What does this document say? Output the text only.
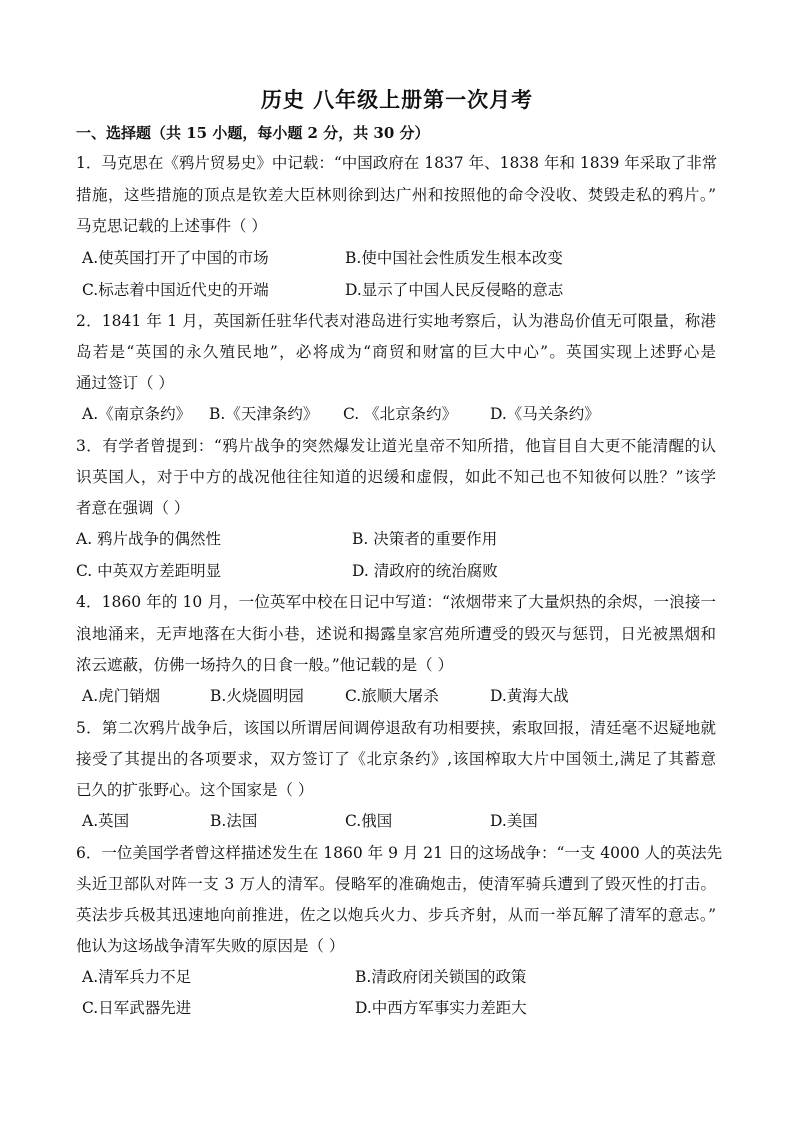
历史 八年级上册第一次月考
一、选择题（共 15 小题，每小题 2 分，共 30 分）
1．马克思在《鸦片贸易史》中记载：“中国政府在 1837 年、1838 年和 1839 年采取了非常
措施，这些措施的顶点是钦差大臣林则徐到达广州和按照他的命令没收、焚毁走私的鸦片。”
马克思记载的上述事件（ ）
A.使英国打开了中国的市场	B.使中国社会性质发生根本改变
C.标志着中国近代史的开端	D.显示了中国人民反侵略的意志
2．1841 年 1 月，英国新任驻华代表对港岛进行实地考察后，认为港岛价值无可限量，称港
岛若是“英国的永久殖民地”，必将成为“商贸和财富的巨大中心”。英国实现上述野心是
通过签订（ ）
A.《南京条约》 B.《天津条约》 C. 《北京条约》 D.《马关条约》
3．有学者曾提到：“鸦片战争的突然爆发让道光皇帝不知所措，他盲目自大更不能清醒的认
识英国人，对于中方的战况他往往知道的迟缓和虚假，如此不知己也不知彼何以胜？”该学
者意在强调（ ）
A. 鸦片战争的偶然性	B. 决策者的重要作用
C. 中英双方差距明显	D. 清政府的统治腐败
4．1860 年的 10 月，一位英军中校在日记中写道：“浓烟带来了大量炽热的余烬，一浪接一
浪地涌来，无声地落在大街小巷，述说和揭露皇家宫苑所遭受的毁灭与惩罚，日光被黑烟和
浓云遮蔽，仿佛一场持久的日食一般。”他记载的是（ ）
A.虎门销烟	B.火烧圆明园	C.旅顺大屠杀	D.黄海大战
5．第二次鸦片战争后，该国以所谓居间调停退敌有功相要挟，索取回报，清廷毫不迟疑地就
接受了其提出的各项要求，双方签订了《北京条约》,该国榨取大片中国领土,满足了其蓄意
已久的扩张野心。这个国家是（ ）
A.英国	B.法国	C.俄国	D.美国
6．一位美国学者曾这样描述发生在 1860 年 9 月 21 日的这场战争：“一支 4000 人的英法先
头近卫部队对阵一支 3 万人的清军。侵略军的准确炮击，使清军骑兵遭到了毁灭性的打击。
英法步兵极其迅速地向前推进，佐之以炮兵火力、步兵齐射，从而一举瓦解了清军的意志。”
他认为这场战争清军失败的原因是（ ）
A.清军兵力不足	B.清政府闭关锁国的政策
C.日军武器先进	D.中西方军事实力差距大
